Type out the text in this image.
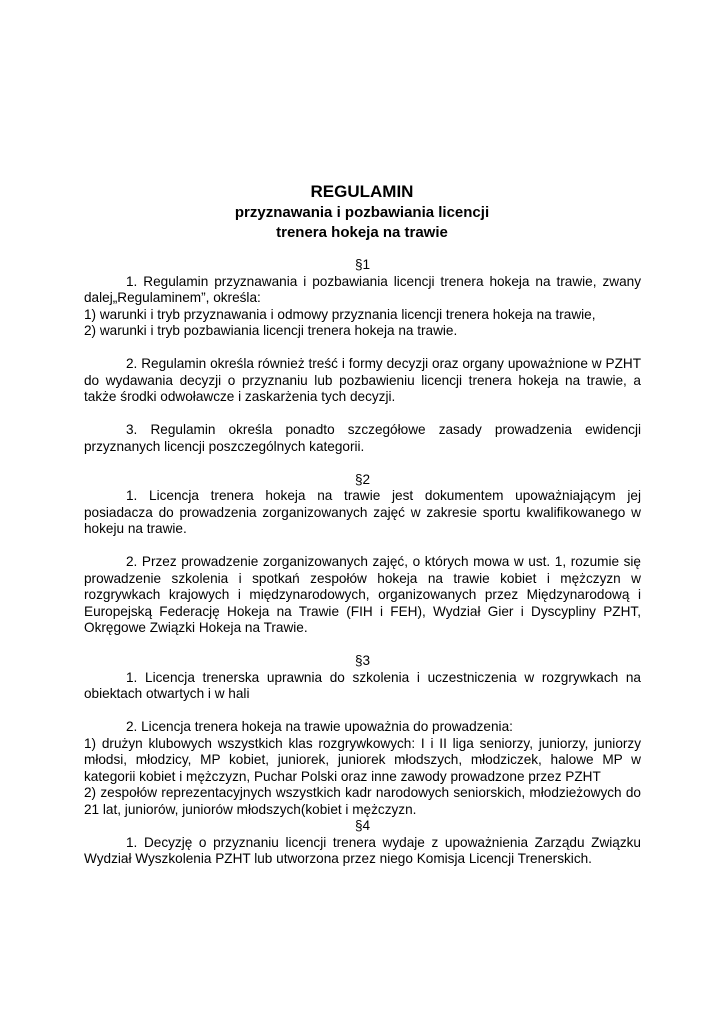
REGULAMIN
przyznawania i pozbawiania licencji
trenera hokeja na trawie

§1

1. Regulamin przyznawania i pozbawiania licencji trenera hokeja na trawie, zwany dalej„Regulaminem”, określa:

1) warunki i tryb przyznawania i odmowy przyznania licencji trenera hokeja na trawie,

2) warunki i tryb pozbawiania licencji trenera hokeja na trawie.

2. Regulamin określa również treść i formy decyzji oraz organy upoważnione w PZHT do wydawania decyzji o przyznaniu lub pozbawieniu licencji trenera hokeja na trawie, a także środki odwoławcze i zaskarżenia tych decyzji.

3. Regulamin określa ponadto szczegółowe zasady prowadzenia ewidencji przyznanych licencji poszczególnych kategorii.

§2

1. Licencja trenera hokeja na trawie jest dokumentem upoważniającym jej posiadacza do prowadzenia zorganizowanych zajęć w zakresie sportu kwalifikowanego w hokeju na trawie.

2. Przez prowadzenie zorganizowanych zajęć, o których mowa w ust. 1, rozumie się prowadzenie szkolenia i spotkań zespołów hokeja na trawie kobiet i mężczyzn w rozgrywkach krajowych i międzynarodowych, organizowanych przez Międzynarodową i Europejską Federację Hokeja na Trawie (FIH i FEH), Wydział Gier i Dyscypliny PZHT, Okręgowe Związki Hokeja na Trawie.

§3

1. Licencja trenerska uprawnia do szkolenia i uczestniczenia w rozgrywkach na obiektach otwartych i w hali

2. Licencja trenera hokeja na trawie upoważnia do prowadzenia:

1) drużyn klubowych wszystkich klas rozgrywkowych: I i II liga seniorzy, juniorzy, juniorzy młodsi, młodzicy, MP kobiet, juniorek, juniorek młodszych, młodziczek, halowe MP w kategorii kobiet i mężczyzn, Puchar Polski oraz inne zawody prowadzone przez PZHT

2) zespołów reprezentacyjnych wszystkich kadr narodowych seniorskich, młodzieżowych do 21 lat, juniorów, juniorów młodszych(kobiet i mężczyzn.

§4

1. Decyzję o przyznaniu licencji trenera wydaje z upoważnienia Zarządu Związku Wydział Wyszkolenia PZHT lub utworzona przez niego Komisja Licencji Trenerskich.
